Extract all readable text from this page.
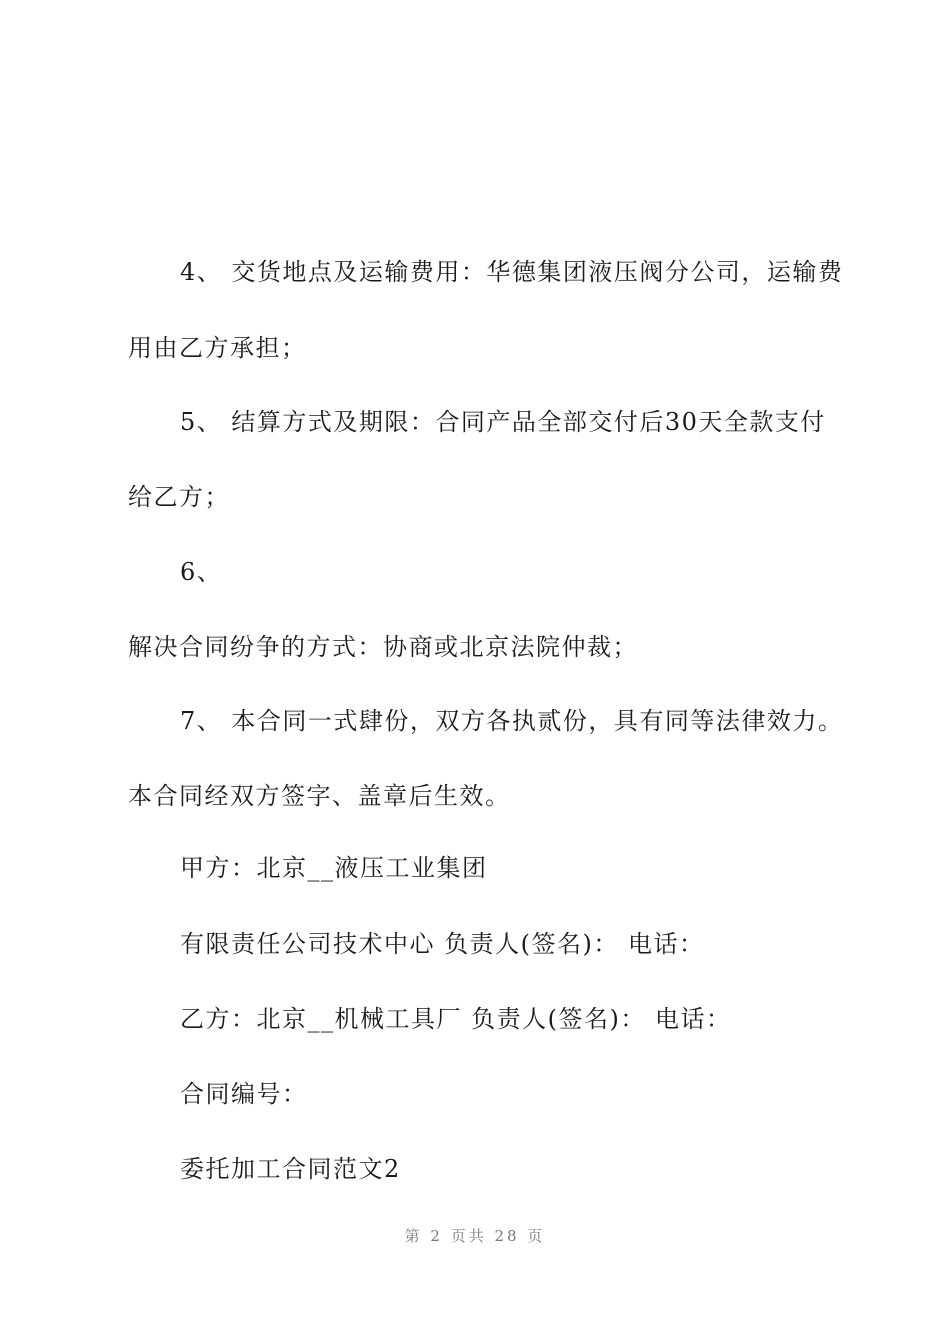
4、 交货地点及运输费用：华德集团液压阀分公司，运输费
用由乙方承担；
5、 结算方式及期限：合同产品全部交付后30天全款支付
给乙方；
6、
解决合同纷争的方式：协商或北京法院仲裁；
7、 本合同一式肆份，双方各执贰份，具有同等法律效力。
本合同经双方签字、盖章后生效。
甲方：北京__液压工业集团
有限责任公司技术中心 负责人(签名)： 电话：
乙方：北京__机械工具厂 负责人(签名)： 电话：
合同编号：
委托加工合同范文2
第 2 页共 28 页
